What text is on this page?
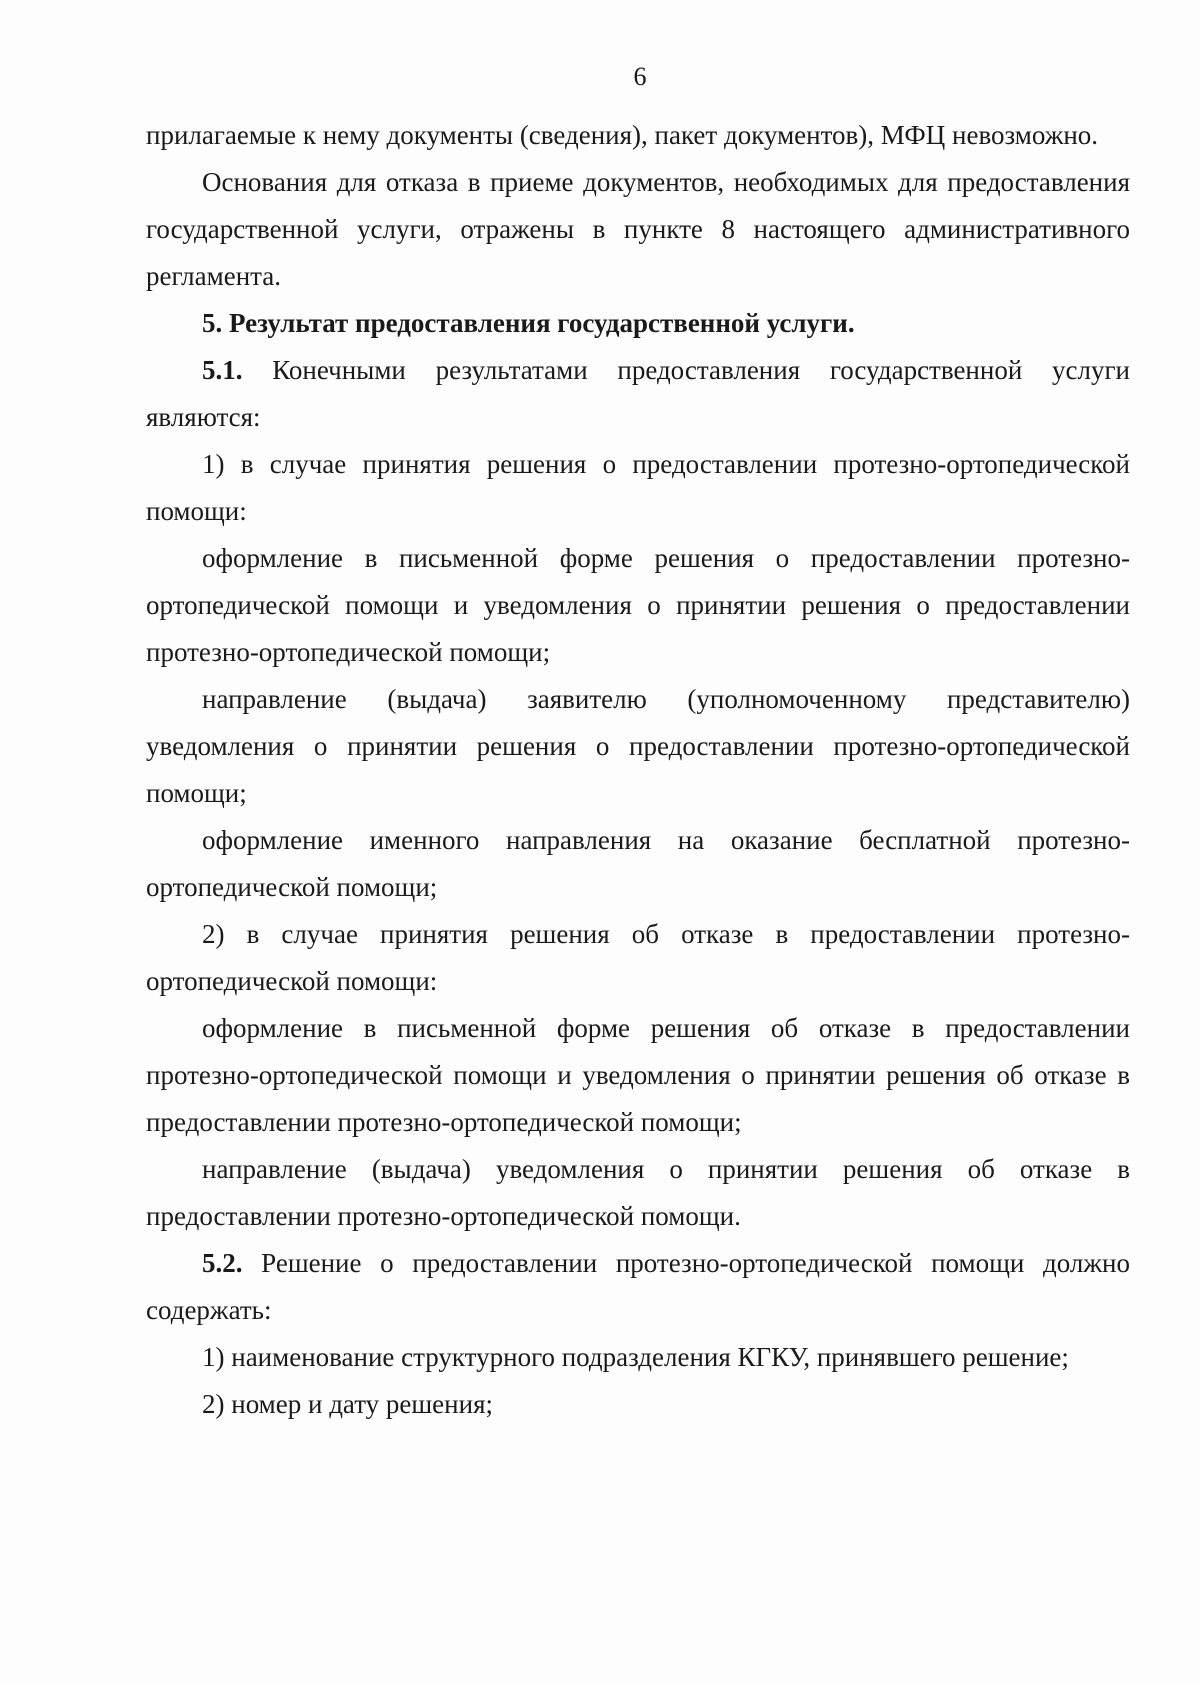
6

прилагаемые к нему документы (сведения), пакет документов), МФЦ невозможно.

Основания для отказа в приеме документов, необходимых для предоставления государственной услуги, отражены в пункте 8 настоящего административного регламента.

5. Результат предоставления государственной услуги.

5.1. Конечными результатами предоставления государственной услуги являются:

1) в случае принятия решения о предоставлении протезно-ортопедической помощи:

оформление в письменной форме решения о предоставлении протезно-ортопедической помощи и уведомления о принятии решения о предоставлении протезно-ортопедической помощи;

направление (выдача) заявителю (уполномоченному представителю) уведомления о принятии решения о предоставлении протезно-ортопедической помощи;

оформление именного направления на оказание бесплатной протезно-ортопедической помощи;

2) в случае принятия решения об отказе в предоставлении протезно-ортопедической помощи:

оформление в письменной форме решения об отказе в предоставлении протезно-ортопедической помощи и уведомления о принятии решения об отказе в предоставлении протезно-ортопедической помощи;

направление (выдача) уведомления о принятии решения об отказе в предоставлении протезно-ортопедической помощи.

5.2. Решение о предоставлении протезно-ортопедической помощи должно содержать:

1) наименование структурного подразделения КГКУ, принявшего решение;

2) номер и дату решения;
